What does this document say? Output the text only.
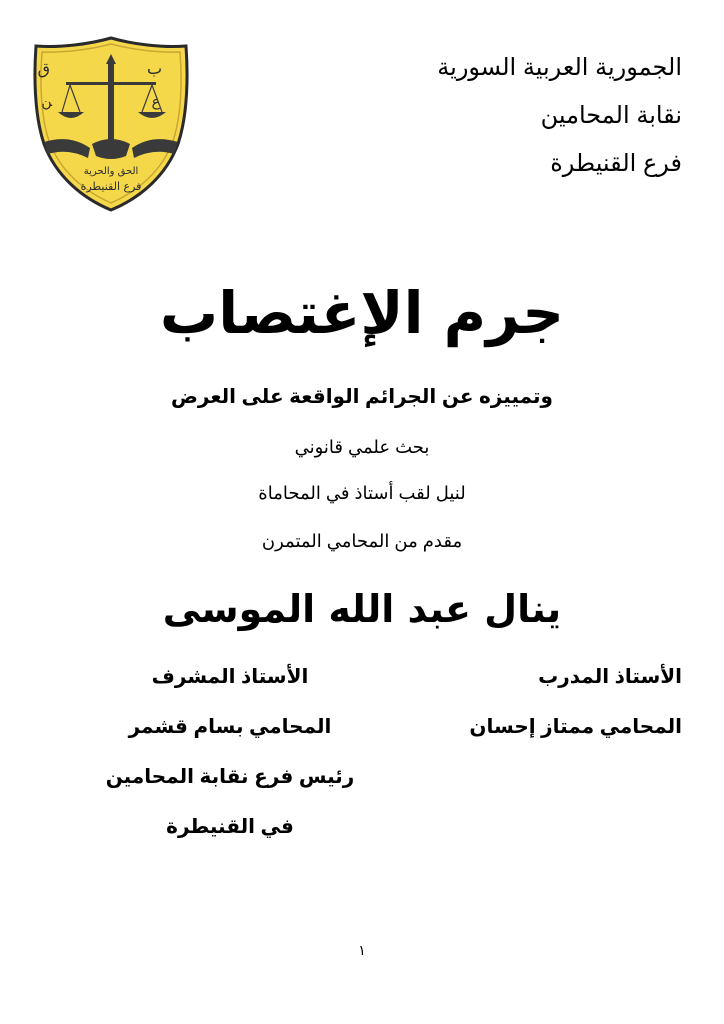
ﻕ	ﺏ
ﻦ	ﻉ
الحق والحرية
فرع القنيطرة
الجمورية العربية السورية
نقابة المحامين
فرع القنيطرة
جرم الإغتصاب
وتمييزه عن الجرائم الواقعة على العرض
بحث علمي قانوني
لنيل لقب أستاذ في المحاماة
مقدم من المحامي المتمرن
ينال عبد الله الموسى
الأستاذ المدرب
المحامي ممتاز إحسان
الأستاذ المشرف
المحامي بسام قشمر
رئيس فرع نقابة المحامين
في القنيطرة
١
